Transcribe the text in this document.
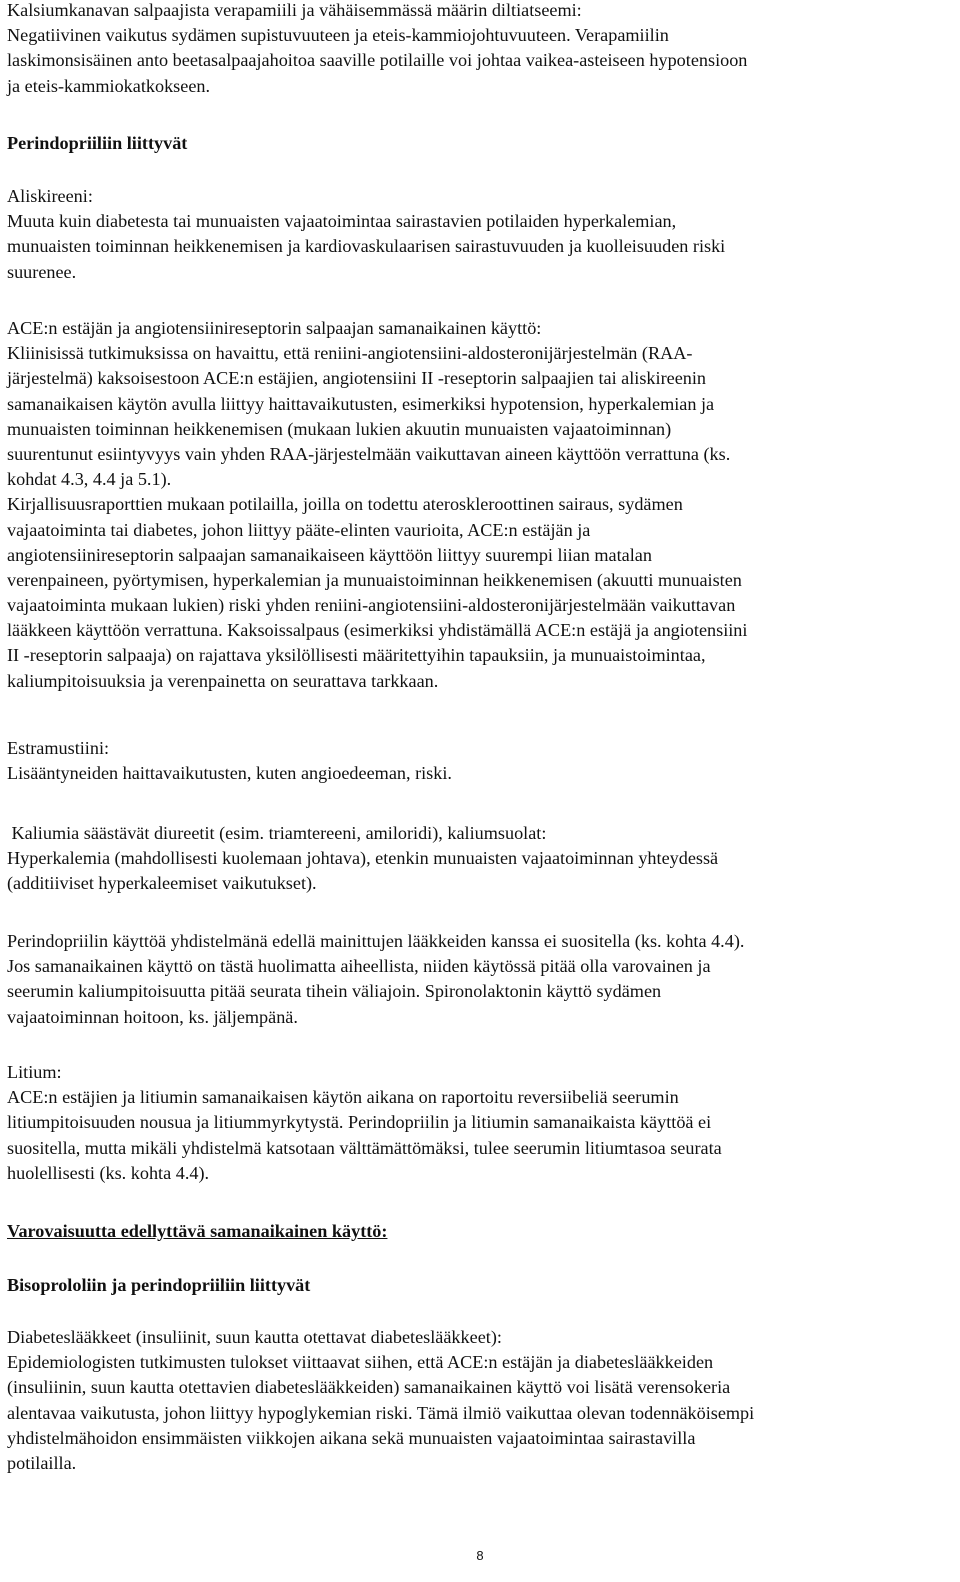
Kalsiumkanavan salpaajista verapamiili ja vähäisemmässä määrin diltiatseemi:
Negatiivinen vaikutus sydämen supistuvuuteen ja eteis-kammiojohtuvuuteen. Verapamiilin
laskimonsisäinen anto beetasalpaajahoitoa saaville potilaille voi johtaa vaikea-asteiseen hypotensioon
ja eteis-kammiokatkokseen.
Perindopriiliin liittyvät
Aliskireeni:
Muuta kuin diabetesta tai munuaisten vajaatoimintaa sairastavien potilaiden hyperkalemian,
munuaisten toiminnan heikkenemisen ja kardiovaskulaarisen sairastuvuuden ja kuolleisuuden riski
suurenee.
ACE:n estäjän ja angiotensiinireseptorin salpaajan samanaikainen käyttö:
Kliinisissä tutkimuksissa on havaittu, että reniini-angiotensiini-aldosteronijärjestelmän (RAA-
järjestelmä) kaksoisestoon ACE:n estäjien, angiotensiini II -reseptorin salpaajien tai aliskireenin
samanaikaisen käytön avulla liittyy haittavaikutusten, esimerkiksi hypotension, hyperkalemian ja
munuaisten toiminnan heikkenemisen (mukaan lukien akuutin munuaisten vajaatoiminnan)
suurentunut esiintyvyys vain yhden RAA-järjestelmään vaikuttavan aineen käyttöön verrattuna (ks.
kohdat 4.3, 4.4 ja 5.1).
Kirjallisuusraporttien mukaan potilailla, joilla on todettu ateroskleroottinen sairaus, sydämen
vajaatoiminta tai diabetes, johon liittyy pääte-elinten vaurioita, ACE:n estäjän ja
angiotensiinireseptorin salpaajan samanaikaiseen käyttöön liittyy suurempi liian matalan
verenpaineen, pyörtymisen, hyperkalemian ja munuaistoiminnan heikkenemisen (akuutti munuaisten
vajaatoiminta mukaan lukien) riski yhden reniini-angiotensiini-aldosteronijärjestelmään vaikuttavan
lääkkeen käyttöön verrattuna. Kaksoissalpaus (esimerkiksi yhdistämällä ACE:n estäjä ja angiotensiini
II -reseptorin salpaaja) on rajattava yksilöllisesti määritettyihin tapauksiin, ja munuaistoimintaa,
kaliumpitoisuuksia ja verenpainetta on seurattava tarkkaan.
Estramustiini:
Lisääntyneiden haittavaikutusten, kuten angioedeeman, riski.
Kaliumia säästävät diureetit (esim. triamtereeni, amiloridi), kaliumsuolat:
Hyperkalemia (mahdollisesti kuolemaan johtava), etenkin munuaisten vajaatoiminnan yhteydessä
(additiiviset hyperkaleemiset vaikutukset).
Perindopriilin käyttöä yhdistelmänä edellä mainittujen lääkkeiden kanssa ei suositella (ks. kohta 4.4).
Jos samanaikainen käyttö on tästä huolimatta aiheellista, niiden käytössä pitää olla varovainen ja
seerumin kaliumpitoisuutta pitää seurata tihein väliajoin. Spironolaktonin käyttö sydämen
vajaatoiminnan hoitoon, ks. jäljempänä.
Litium:
ACE:n estäjien ja litiumin samanaikaisen käytön aikana on raportoitu reversiibeliä seerumin
litiumpitoisuuden nousua ja litiummyrkytystä. Perindopriilin ja litiumin samanaikaista käyttöä ei
suositella, mutta mikäli yhdistelmä katsotaan välttämättömäksi, tulee seerumin litiumtasoa seurata
huolellisesti (ks. kohta 4.4).
Varovaisuutta edellyttävä samanaikainen käyttö:
Bisoprololiin ja perindopriiliin liittyvät
Diabeteslääkkeet (insuliinit, suun kautta otettavat diabeteslääkkeet):
Epidemiologisten tutkimusten tulokset viittaavat siihen, että ACE:n estäjän ja diabeteslääkkeiden
(insuliinin, suun kautta otettavien diabeteslääkkeiden) samanaikainen käyttö voi lisätä verensokeria
alentavaa vaikutusta, johon liittyy hypoglykemian riski. Tämä ilmiö vaikuttaa olevan todennäköisempi
yhdistelmähoidon ensimmäisten viikkojen aikana sekä munuaisten vajaatoimintaa sairastavilla
potilailla.
8
